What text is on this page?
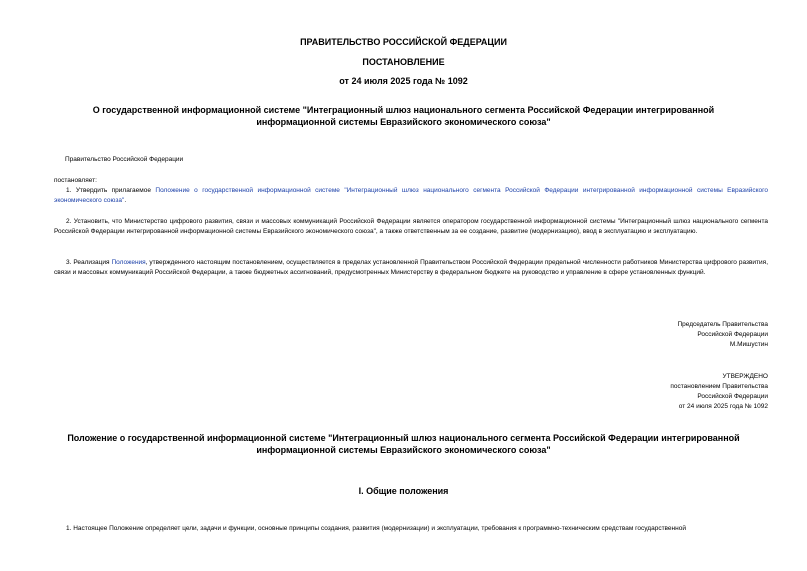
ПРАВИТЕЛЬСТВО РОССИЙСКОЙ ФЕДЕРАЦИИ
ПОСТАНОВЛЕНИЕ
от 24 июля 2025 года № 1092
О государственной информационной системе "Интеграционный шлюз национального сегмента Российской Федерации интегрированной информационной системы Евразийского экономического союза"
Правительство Российской Федерации
постановляет:
1. Утвердить прилагаемое Положение о государственной информационной системе "Интеграционный шлюз национального сегмента Российской Федерации интегрированной информационной системы Евразийского экономического союза".
2. Установить, что Министерство цифрового развития, связи и массовых коммуникаций Российской Федерации является оператором государственной информационной системы "Интеграционный шлюз национального сегмента Российской Федерации интегрированной информационной системы Евразийского экономического союза", а также ответственным за ее создание, развитие (модернизацию), ввод в эксплуатацию и эксплуатацию.
3. Реализация Положения, утвержденного настоящим постановлением, осуществляется в пределах установленной Правительством Российской Федерации предельной численности работников Министерства цифрового развития, связи и массовых коммуникаций Российской Федерации, а также бюджетных ассигнований, предусмотренных Министерству в федеральном бюджете на руководство и управление в сфере установленных функций.
Председатель Правительства
Российской Федерации
М.Мишустин
УТВЕРЖДЕНО
постановлением Правительства
Российской Федерации
от 24 июля 2025 года № 1092
Положение о государственной информационной системе "Интеграционный шлюз национального сегмента Российской Федерации интегрированной информационной системы Евразийского экономического союза"
I. Общие положения
1. Настоящее Положение определяет цели, задачи и функции, основные принципы создания, развития (модернизации) и эксплуатации, требования к программно-техническим средствам государственной
